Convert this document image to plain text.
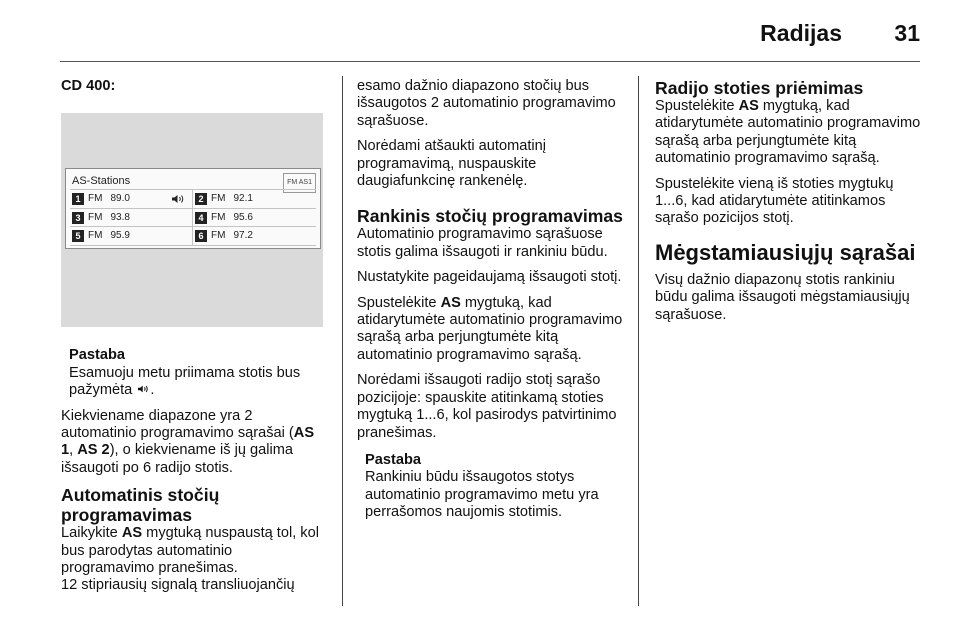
Radijas 31
CD 400:
AS-Stations	FM AS1
1 FM 89.0	2 FM 92.1
3 FM 93.8	4 FM 95.6
5 FM 95.9	6 FM 97.2
Pastaba
Esamuoju metu priimama stotis bus pažymėta .

Kiekviename diapazone yra 2 automatinio programavimo sąrašai (AS 1, AS 2), o kiekviename iš jų galima išsaugoti po 6 radijo stotis.

Automatinis stočių programavimas

Laikykite AS mygtuką nuspaustą tol, kol bus parodytas automatinio programavimo pranešimas.

12 stipriausių signalą transliuojančių

esamo dažnio diapazono stočių bus išsaugotos 2 automatinio programavimo sąrašuose.

Norėdami atšaukti automatinį programavimą, nuspauskite daugiafunkcinę rankenėlę.

Rankinis stočių programavimas

Automatinio programavimo sąrašuose stotis galima išsaugoti ir rankiniu būdu.

Nustatykite pageidaujamą išsaugoti stotį.

Spustelėkite AS mygtuką, kad atidarytumėte automatinio programavimo sąrašą arba perjungtumėte kitą automatinio programavimo sąrašą.

Norėdami išsaugoti radijo stotį sąrašo pozicijoje: spauskite atitinkamą stoties mygtuką 1...6, kol pasirodys patvirtinimo pranešimas.

Pastaba
Rankiniu būdu išsaugotos stotys automatinio programavimo metu yra perrašomos naujomis stotimis.
Radijo stoties priėmimas

Spustelėkite AS mygtuką, kad atidarytumėte automatinio programavimo sąrašą arba perjungtumėte kitą automatinio programavimo sąrašą.

Spustelėkite vieną iš stoties mygtukų 1...6, kad atidarytumėte atitinkamos sąrašo pozicijos stotį.

Mėgstamiausiųjų sąrašai

Visų dažnio diapazonų stotis rankiniu būdu galima išsaugoti mėgstamiausiųjų sąrašuose.
